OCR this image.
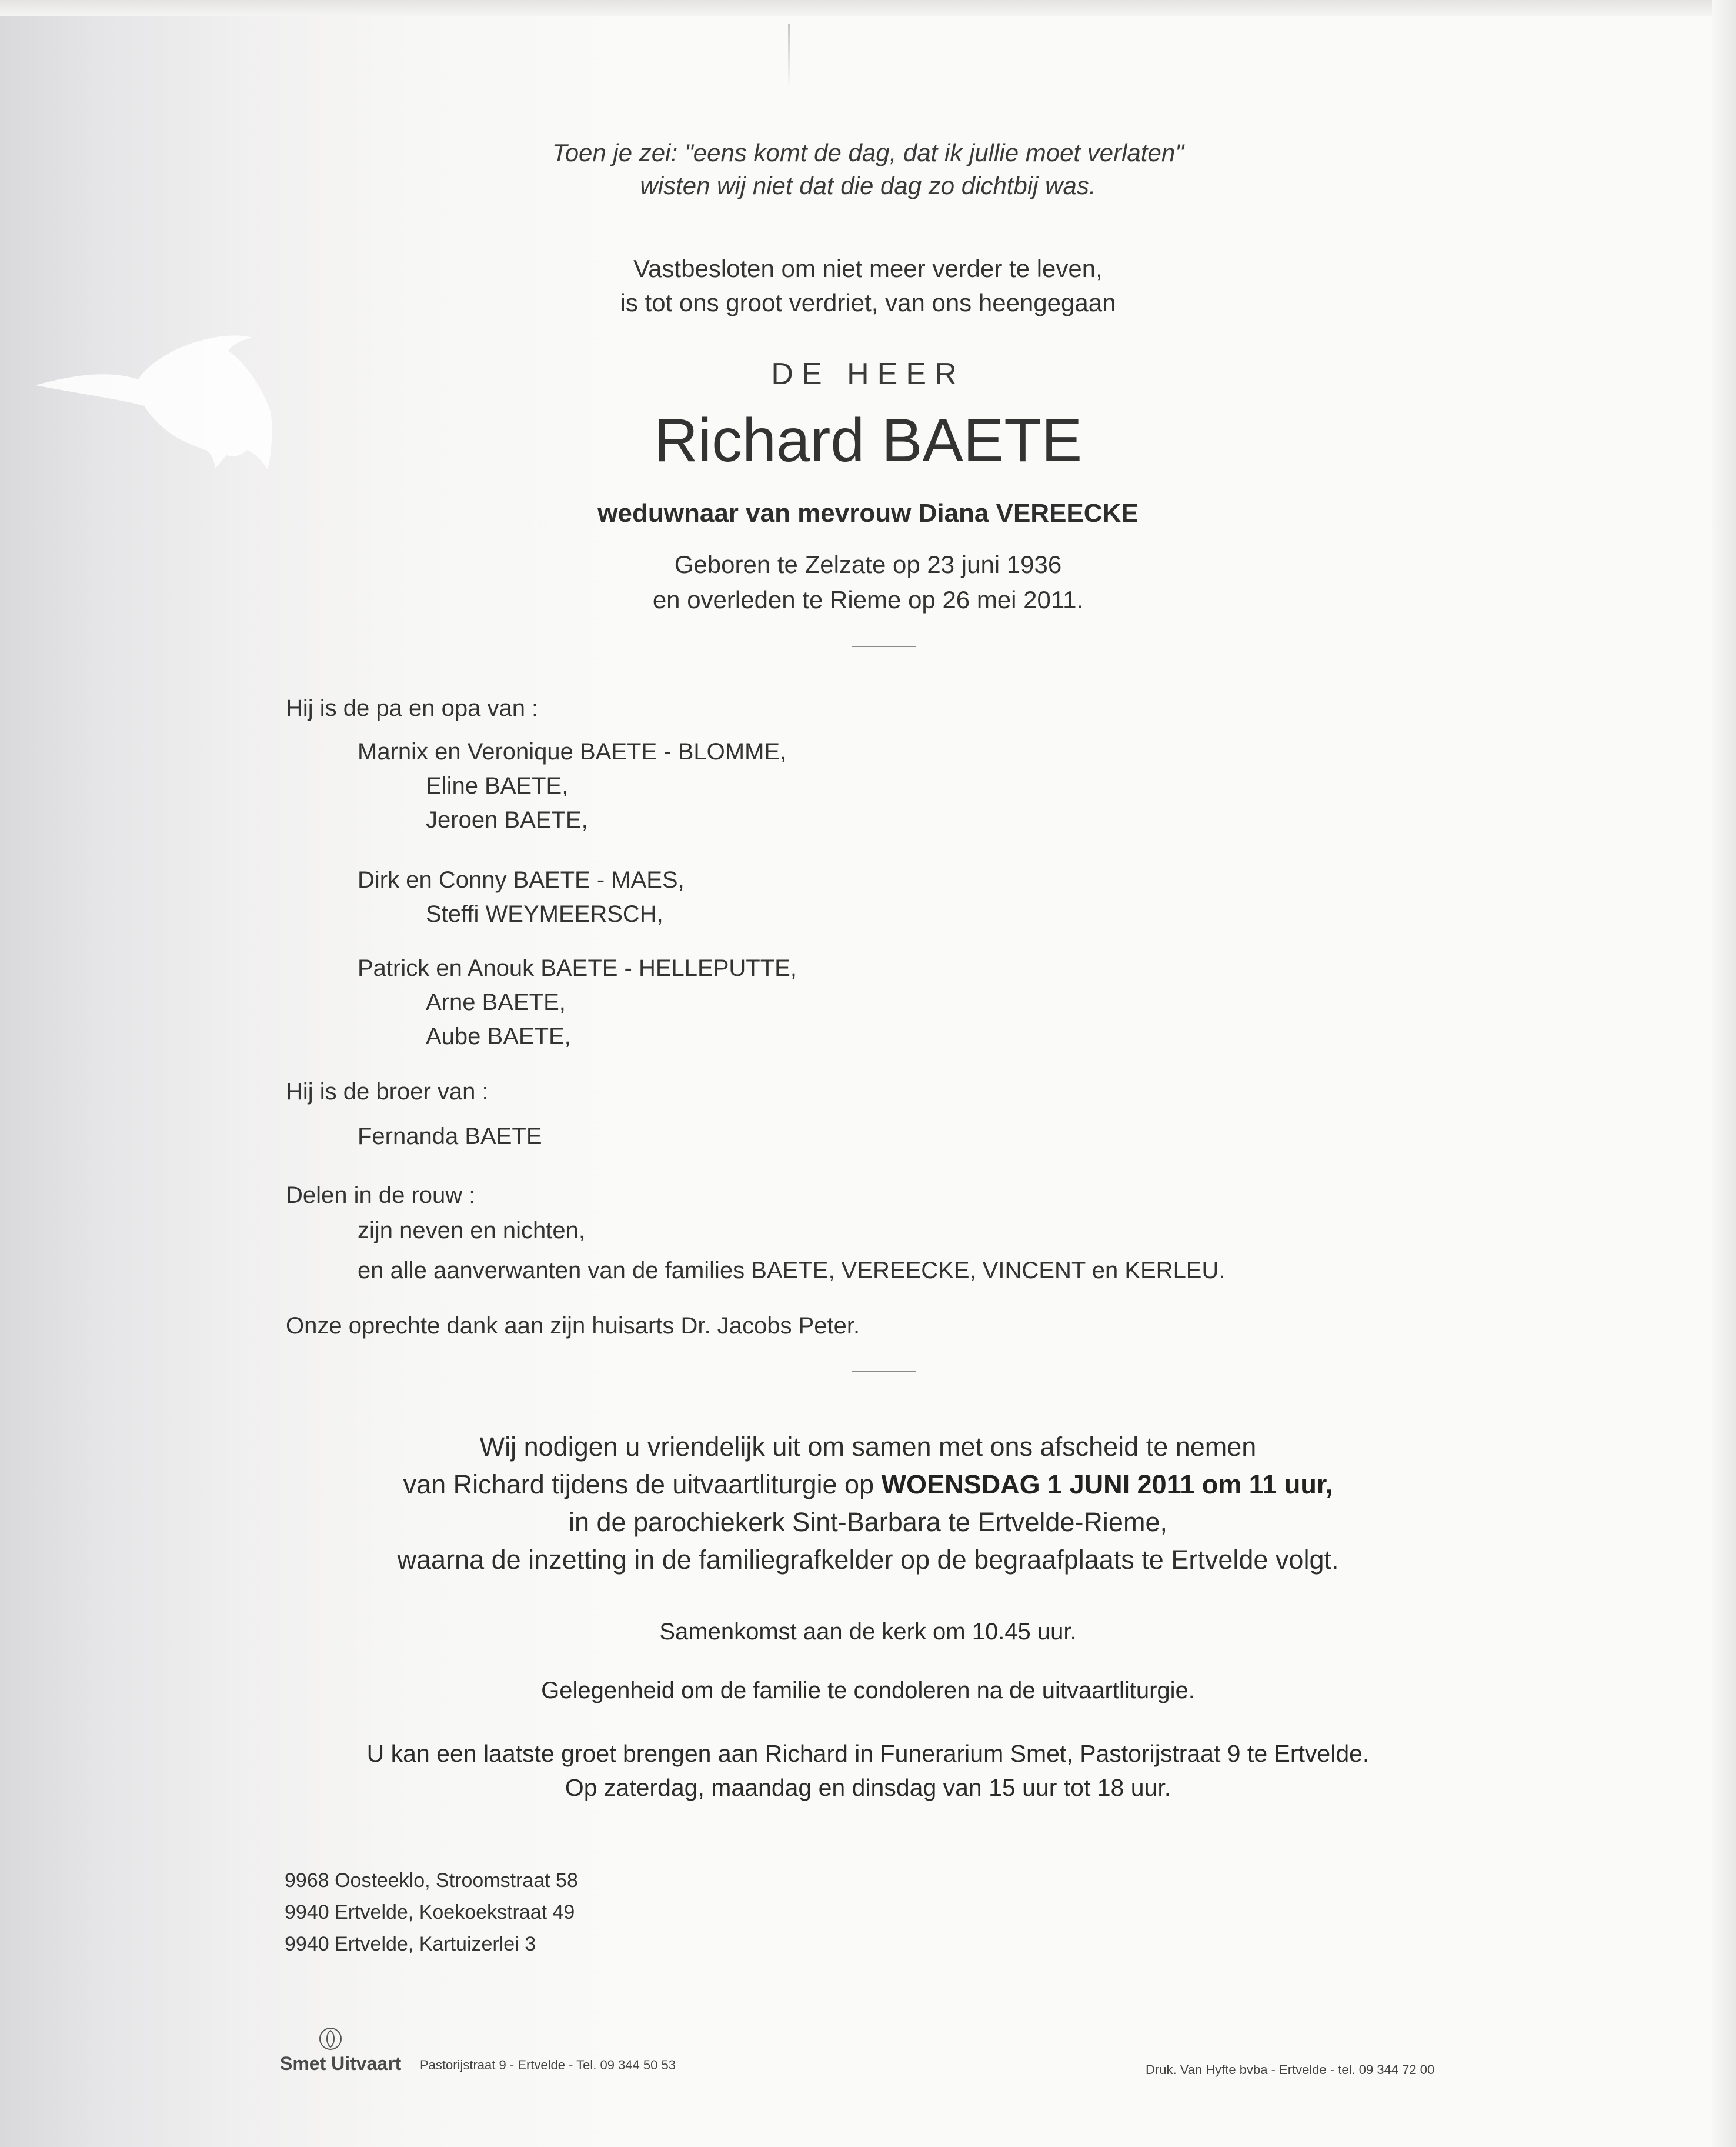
Toen je zei: "eens komt de dag, dat ik jullie moet verlaten"
wisten wij niet dat die dag zo dichtbij was.
Vastbesloten om niet meer verder te leven,
is tot ons groot verdriet, van ons heengegaan
DE HEER
Richard BAETE
weduwnaar van mevrouw Diana VEREECKE
Geboren te Zelzate op 23 juni 1936
en overleden te Rieme op 26 mei 2011.
Hij is de pa en opa van :
Marnix en Veronique BAETE - BLOMME,
Eline BAETE,
Jeroen BAETE,
Dirk en Conny BAETE - MAES,
Steffi WEYMEERSCH,
Patrick en Anouk BAETE - HELLEPUTTE,
Arne BAETE,
Aube BAETE,
Hij is de broer van :
Fernanda BAETE
Delen in de rouw :
zijn neven en nichten,
en alle aanverwanten van de families BAETE, VEREECKE, VINCENT en KERLEU.
Onze oprechte dank aan zijn huisarts Dr. Jacobs Peter.
Wij nodigen u vriendelijk uit om samen met ons afscheid te nemen
van Richard tijdens de uitvaartliturgie op WOENSDAG 1 JUNI 2011 om 11 uur,
in de parochiekerk Sint-Barbara te Ertvelde-Rieme,
waarna de inzetting in de familiegrafkelder op de begraafplaats te Ertvelde volgt.
Samenkomst aan de kerk om 10.45 uur.
Gelegenheid om de familie te condoleren na de uitvaartliturgie.
U kan een laatste groet brengen aan Richard in Funerarium Smet, Pastorijstraat 9 te Ertvelde.
Op zaterdag, maandag en dinsdag van 15 uur tot 18 uur.
9968 Oosteeklo, Stroomstraat 58
9940 Ertvelde, Koekoekstraat 49
9940 Ertvelde, Kartuizerlei 3
Smet Uitvaart Pastorijstraat 9 - Ertvelde - Tel. 09 344 50 53	Druk. Van Hyfte bvba - Ertvelde - tel. 09 344 72 00
